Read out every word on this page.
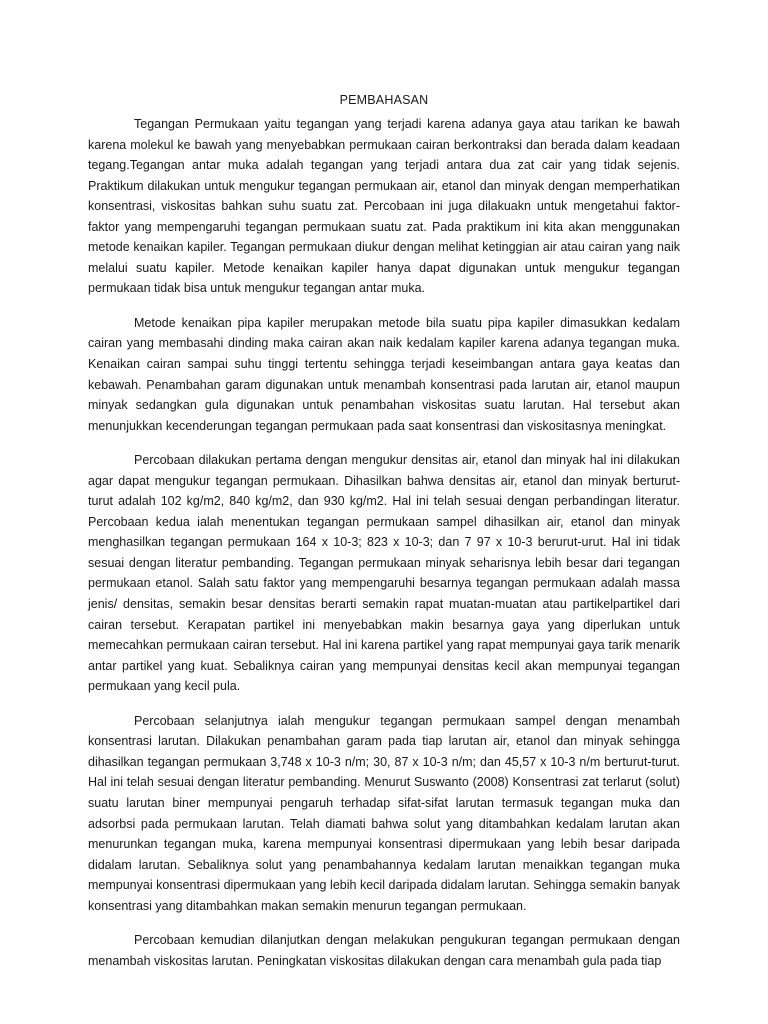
PEMBAHASAN

Tegangan Permukaan yaitu tegangan yang terjadi karena adanya gaya atau tarikan ke bawah karena molekul ke bawah yang menyebabkan permukaan cairan berkontraksi dan berada dalam keadaan tegang.Tegangan antar muka adalah tegangan yang terjadi antara dua zat cair yang tidak sejenis. Praktikum dilakukan untuk mengukur tegangan permukaan air, etanol dan minyak dengan memperhatikan konsentrasi, viskositas bahkan suhu suatu zat. Percobaan ini juga dilakuakn untuk mengetahui faktor-faktor yang mempengaruhi tegangan permukaan suatu zat. Pada praktikum ini kita akan menggunakan metode kenaikan kapiler. Tegangan permukaan diukur dengan melihat ketinggian air atau cairan yang naik melalui suatu kapiler. Metode kenaikan kapiler hanya dapat digunakan untuk mengukur tegangan permukaan tidak bisa untuk mengukur tegangan antar muka.

Metode kenaikan pipa kapiler merupakan metode bila suatu pipa kapiler dimasukkan kedalam cairan yang membasahi dinding maka cairan akan naik kedalam kapiler karena adanya tegangan muka. Kenaikan cairan sampai suhu tinggi tertentu sehingga terjadi keseimbangan antara gaya keatas dan kebawah. Penambahan garam digunakan untuk menambah konsentrasi pada larutan air, etanol maupun minyak sedangkan gula digunakan untuk penambahan viskositas suatu larutan. Hal tersebut akan menunjukkan kecenderungan tegangan permukaan pada saat konsentrasi dan viskositasnya meningkat.

Percobaan dilakukan pertama dengan mengukur densitas air, etanol dan minyak hal ini dilakukan agar dapat mengukur tegangan permukaan. Dihasilkan bahwa densitas air, etanol dan minyak berturut-turut adalah 102 kg/m2, 840 kg/m2, dan 930 kg/m2. Hal ini telah sesuai dengan perbandingan literatur. Percobaan kedua ialah menentukan tegangan permukaan sampel dihasilkan air, etanol dan minyak menghasilkan tegangan permukaan 164 x 10-3; 823 x 10-3; dan 7 97 x 10-3 berurut-urut. Hal ini tidak sesuai dengan literatur pembanding. Tegangan permukaan minyak seharisnya lebih besar dari tegangan permukaan etanol. Salah satu faktor yang mempengaruhi besarnya tegangan permukaan adalah massa jenis/ densitas, semakin besar densitas berarti semakin rapat muatan-muatan atau partikelpartikel dari cairan tersebut. Kerapatan partikel ini menyebabkan makin besarnya gaya yang diperlukan untuk memecahkan permukaan cairan tersebut. Hal ini karena partikel yang rapat mempunyai gaya tarik menarik antar partikel yang kuat. Sebaliknya cairan yang mempunyai densitas kecil akan mempunyai tegangan permukaan yang kecil pula.

Percobaan selanjutnya ialah mengukur tegangan permukaan sampel dengan menambah konsentrasi larutan. Dilakukan penambahan garam pada tiap larutan air, etanol dan minyak sehingga dihasilkan tegangan permukaan 3,748 x 10-3 n/m; 30, 87 x 10-3 n/m; dan 45,57 x 10-3 n/m berturut-turut. Hal ini telah sesuai dengan literatur pembanding. Menurut Suswanto (2008) Konsentrasi zat terlarut (solut) suatu larutan biner mempunyai pengaruh terhadap sifat-sifat larutan termasuk tegangan muka dan adsorbsi pada permukaan larutan. Telah diamati bahwa solut yang ditambahkan kedalam larutan akan menurunkan tegangan muka, karena mempunyai konsentrasi dipermukaan yang lebih besar daripada didalam larutan. Sebaliknya solut yang penambahannya kedalam larutan menaikkan tegangan muka mempunyai konsentrasi dipermukaan yang lebih kecil daripada didalam larutan. Sehingga semakin banyak konsentrasi yang ditambahkan makan semakin menurun tegangan permukaan.

Percobaan kemudian dilanjutkan dengan melakukan pengukuran tegangan permukaan dengan menambah viskositas larutan. Peningkatan viskositas dilakukan dengan cara menambah gula pada tiap
